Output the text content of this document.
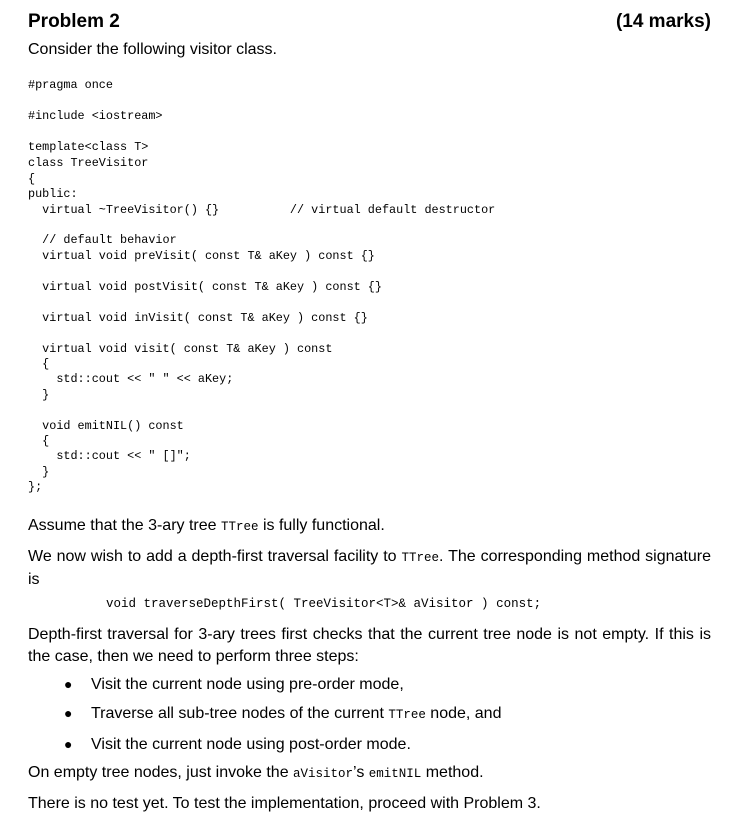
Problem 2	(14 marks)
Consider the following visitor class.
#pragma once
#include <iostream>
template<class T>
class TreeVisitor
{
public:
virtual ~TreeVisitor() {}          // virtual default destructor
// default behavior
virtual void preVisit( const T& aKey ) const {}
virtual void postVisit( const T& aKey ) const {}
virtual void inVisit( const T& aKey ) const {}
virtual void visit( const T& aKey ) const
{
std::cout << " " << aKey;
}
void emitNIL() const
{
std::cout << " []";
}
};
Assume that the 3-ary tree TTree is fully functional.
We now wish to add a depth-first traversal facility to TTree. The corresponding method signature is
void traverseDepthFirst( TreeVisitor<T>& aVisitor ) const;
Depth-first traversal for 3-ary trees first checks that the current tree node is not empty. If this is the case, then we need to perform three steps:
● Visit the current node using pre-order mode,
● Traverse all sub-tree nodes of the current TTree node, and
● Visit the current node using post-order mode.
On empty tree nodes, just invoke the aVisitor’s emitNIL method.
There is no test yet. To test the implementation, proceed with Problem 3.
